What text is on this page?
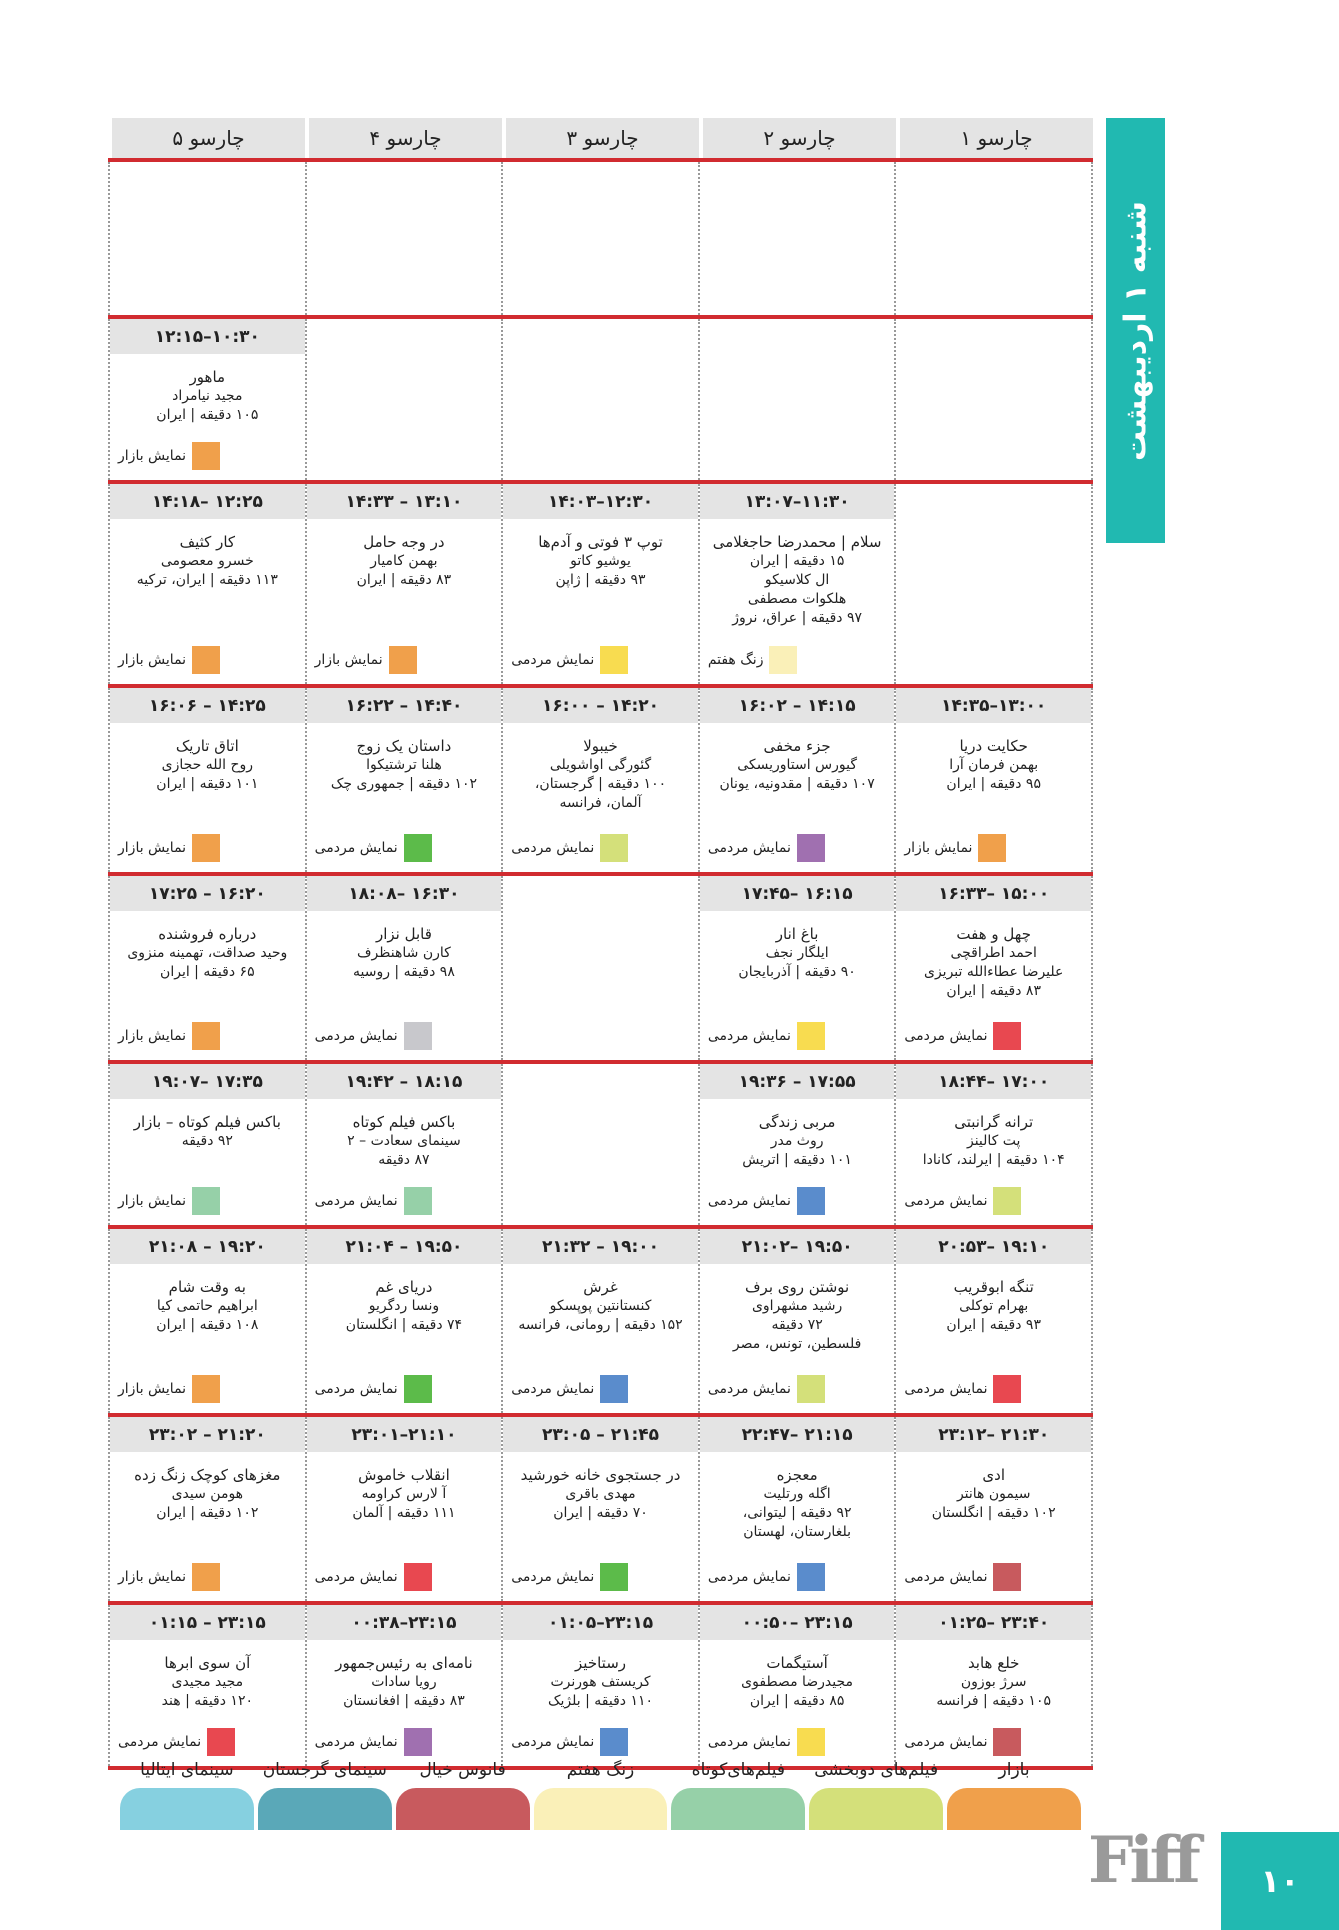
شنبه ۱ اردیبهشت
چارسو ۱
چارسو ۲
چارسو ۳
چارسو ۴
چارسو ۵
۱۰:۳۰–۱۲:۱۵
ماهور
مجید نیامراد
۱۰۵ دقیقه | ایران
نمایش بازار
۱۱:۳۰–۱۳:۰۷
سلام | محمدرضا حاجغلامی
۱۵ دقیقه | ایران
ال کلاسیکو
هلکوات مصطفی
۹۷ دقیقه | عراق، نروژ
زنگ هفتم
۱۲:۳۰–۱۴:۰۳
توپ ۳ فوتی و آدم‌ها
یوشیو کاتو
۹۳ دقیقه | ژاپن
نمایش مردمی
۱۳:۱۰ – ۱۴:۳۳
در وجه حامل
بهمن کامیار
۸۳ دقیقه | ایران
نمایش بازار
۱۲:۲۵ –۱۴:۱۸
کار کثیف
خسرو معصومی
۱۱۳ دقیقه | ایران، ترکیه
نمایش بازار
۱۳:۰۰–۱۴:۳۵
حکایت دریا
بهمن فرمان آرا
۹۵ دقیقه | ایران
نمایش بازار
۱۴:۱۵ – ۱۶:۰۲
جزء مخفی
گیورس استاوریسکی
۱۰۷ دقیقه | مقدونیه، یونان
نمایش مردمی
۱۴:۲۰ – ۱۶:۰۰
خیبولا
گئورگی اواشویلی
۱۰۰ دقیقه | گرجستان،
آلمان، فرانسه
نمایش مردمی
۱۴:۴۰ – ۱۶:۲۲
داستان یک زوج
هلنا ترشتیکوا
۱۰۲ دقیقه | جمهوری چک
نمایش مردمی
۱۴:۲۵ – ۱۶:۰۶
اتاق تاریک
روح الله حجازی
۱۰۱ دقیقه | ایران
نمایش بازار
۱۵:۰۰ –۱۶:۳۳
چهل و هفت
احمد اطراقچی
علیرضا عطاءالله تبریزی
۸۳ دقیقه | ایران
نمایش مردمی
۱۶:۱۵ –۱۷:۴۵
باغ انار
ایلگار نجف
۹۰ دقیقه | آذربایجان
نمایش مردمی
۱۶:۳۰ –۱۸:۰۸
قابل نزار
کارن شاهنظرف
۹۸ دقیقه | روسیه
نمایش مردمی
۱۶:۲۰ – ۱۷:۲۵
درباره فروشنده
وحید صداقت، تهمینه منزوی
۶۵ دقیقه | ایران
نمایش بازار
۱۷:۰۰ –۱۸:۴۴
ترانه گرانبتی
پت کالینز
۱۰۴ دقیقه | ایرلند، کانادا
نمایش مردمی
۱۷:۵۵ – ۱۹:۳۶
مربی زندگی
روث مدر
۱۰۱ دقیقه | اتریش
نمایش مردمی
۱۸:۱۵ – ۱۹:۴۲
باکس فیلم کوتاه
سینمای سعادت – ۲
۸۷ دقیقه
نمایش مردمی
۱۷:۳۵ –۱۹:۰۷
باکس فیلم کوتاه – بازار
۹۲ دقیقه
نمایش بازار
۱۹:۱۰ –۲۰:۵۳
تنگه ابوقریب
بهرام توکلی
۹۳ دقیقه | ایران
نمایش مردمی
۱۹:۵۰ –۲۱:۰۲
نوشتن روی برف
رشید مشهراوی
۷۲ دقیقه
فلسطین، تونس، مصر
نمایش مردمی
۱۹:۰۰ – ۲۱:۳۲
غرش
کنستانتین پوپسکو
۱۵۲ دقیقه | رومانی، فرانسه
نمایش مردمی
۱۹:۵۰ – ۲۱:۰۴
دریای غم
ونسا ردگریو
۷۴ دقیقه | انگلستان
نمایش مردمی
۱۹:۲۰ – ۲۱:۰۸
به وقت شام
ابراهیم حاتمی کیا
۱۰۸ دقیقه | ایران
نمایش بازار
۲۱:۳۰ –۲۳:۱۲
ادی
سیمون هانتر
۱۰۲ دقیقه | انگلستان
نمایش مردمی
۲۱:۱۵ –۲۲:۴۷
معجزه
اگله ورتلیت
۹۲ دقیقه | لیتوانی،
بلغارستان، لهستان
نمایش مردمی
۲۱:۴۵ – ۲۳:۰۵
در جستجوی خانه خورشید
مهدی باقری
۷۰ دقیقه | ایران
نمایش مردمی
۲۱:۱۰–۲۳:۰۱
انقلاب خاموش
آ لارس کراومه
۱۱۱ دقیقه | آلمان
نمایش مردمی
۲۱:۲۰ – ۲۳:۰۲
مغزهای کوچک زنگ زده
هومن سیدی
۱۰۲ دقیقه | ایران
نمایش بازار
۲۳:۴۰ –۰۱:۲۵
خلع هابد
سرژ بوزون
۱۰۵ دقیقه | فرانسه
نمایش مردمی
۲۳:۱۵ –۰۰:۵۰
آستیگمات
مجیدرضا مصطفوی
۸۵ دقیقه | ایران
نمایش مردمی
۲۳:۱۵–۰۱:۰۵
رستاخیز
کریستف هورنرت
۱۱۰ دقیقه | بلژیک
نمایش مردمی
۲۳:۱۵–۰۰:۳۸
نامه‌ای به رئیس‌جمهور
رویا سادات
۸۳ دقیقه | افغانستان
نمایش مردمی
۲۳:۱۵ – ۰۱:۱۵
آن سوی ابرها
مجید مجیدی
۱۲۰ دقیقه | هند
نمایش مردمی
بازار
فیلم‌های دوبخشی
فیلم‌های‌کوتاه
زنگ هفتم
فانوس خیال
سینمای گرجستان
سینمای ایتالیا
Fiff	۱۰
